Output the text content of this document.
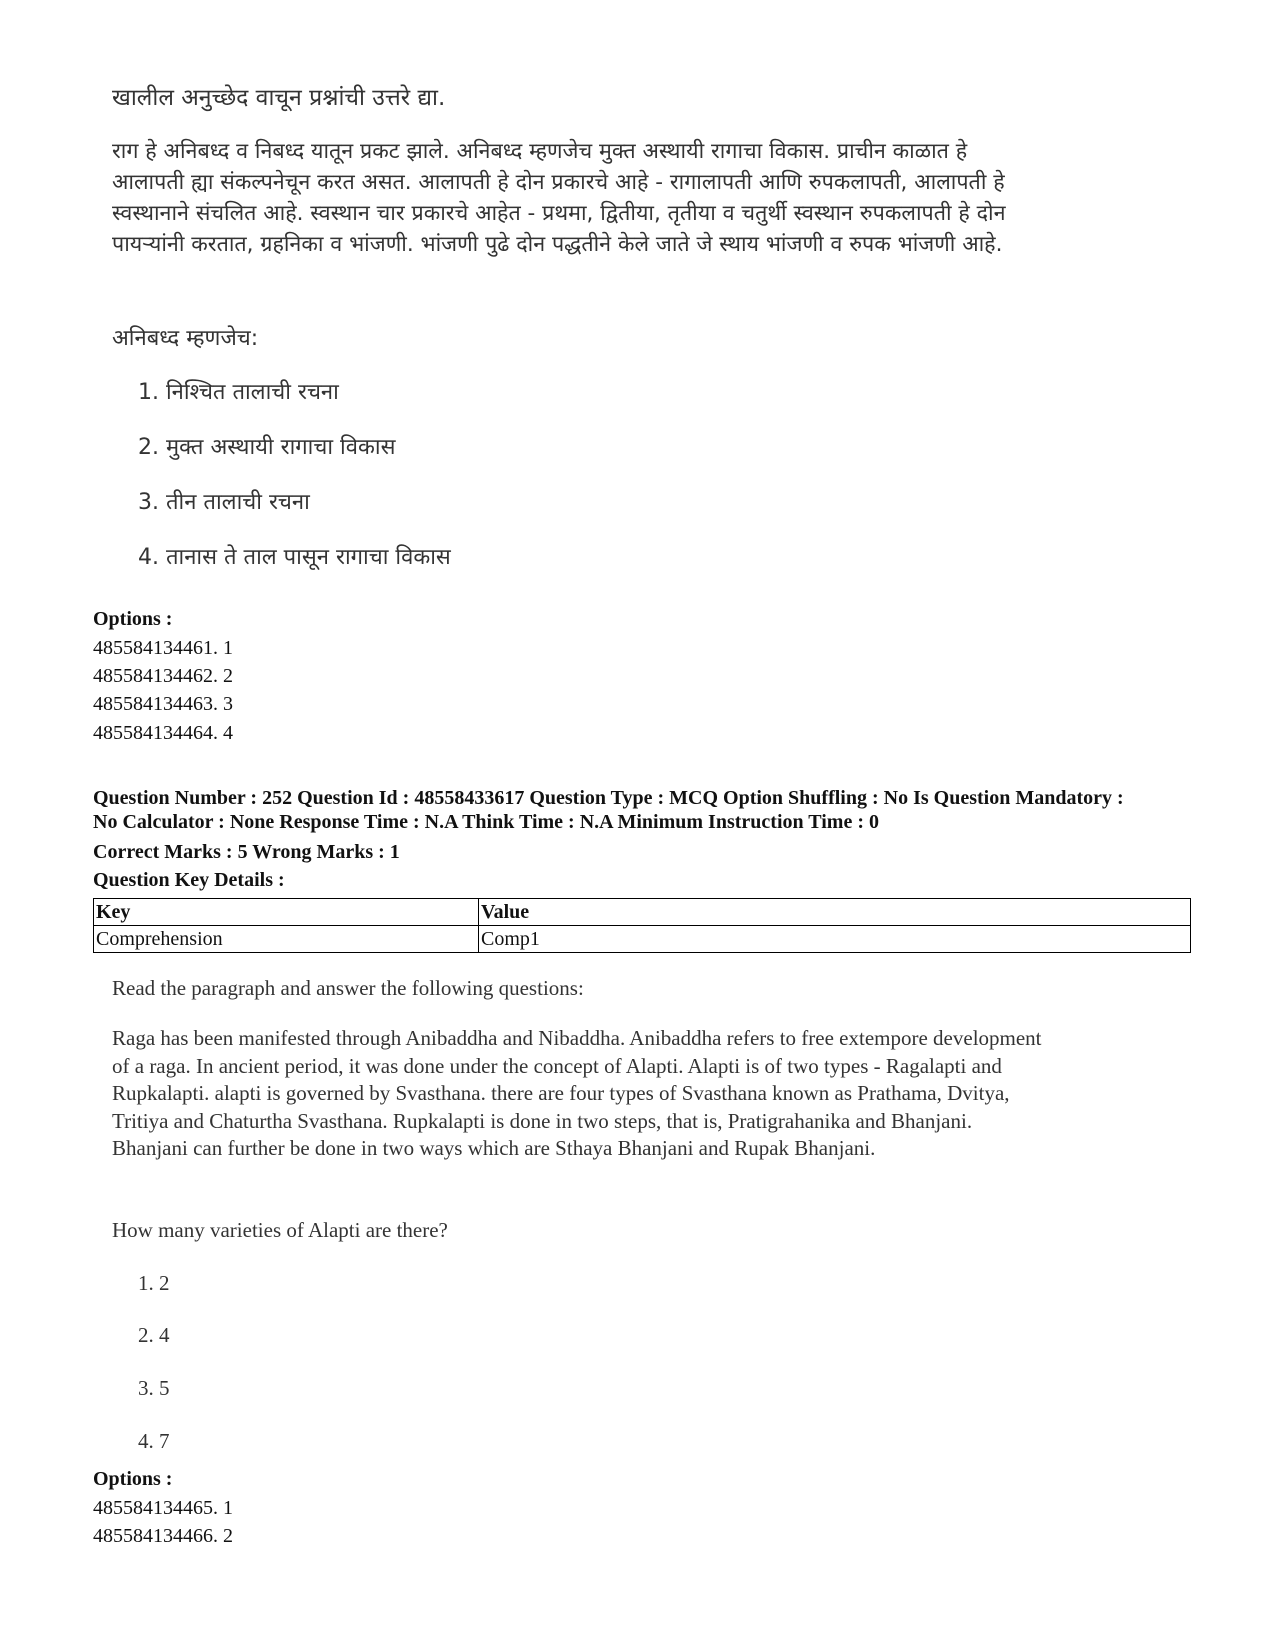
खालील अनुच्छेद वाचून प्रश्नांची उत्तरे द्या.

राग हे अनिबध्द व निबध्द यातून प्रकट झाले. अनिबध्द म्हणजेच मुक्त अस्थायी रागाचा विकास. प्राचीन काळात हे
आलापती ह्या संकल्पनेचून करत असत. आलापती हे दोन प्रकारचे आहे - रागालापती आणि रुपकलापती, आलापती हे
स्वस्थानाने संचलित आहे. स्वस्थान चार प्रकारचे आहेत - प्रथमा, द्वितीया, तृतीया व चतुर्थी स्वस्थान रुपकलापती हे दोन
पायऱ्यांनी करतात, ग्रहनिका व भांजणी. भांजणी पुढे दोन पद्धतीने केले जाते जे स्थाय भांजणी व रुपक भांजणी आहे.

अनिबध्द म्हणजेच:
1. निश्चित तालाची रचना
2. मुक्त अस्थायी रागाचा विकास
3. तीन तालाची रचना
4. तानास ते ताल पासून रागाचा विकास
Options :
485584134461. 1
485584134462. 2
485584134463. 3
485584134464. 4

Question Number : 252 Question Id : 48558433617 Question Type : MCQ Option Shuffling : No Is Question Mandatory :
No Calculator : None Response Time : N.A Think Time : N.A Minimum Instruction Time : 0

Correct Marks : 5 Wrong Marks : 1
Question Key Details :
Key	Value
Comprehension	Comp1
Read the paragraph and answer the following questions:

Raga has been manifested through Anibaddha and Nibaddha. Anibaddha refers to free extempore development
of a raga. In ancient period, it was done under the concept of Alapti. Alapti is of two types - Ragalapti and
Rupkalapti. alapti is governed by Svasthana. there are four types of Svasthana known as Prathama, Dvitya,
Tritiya and Chaturtha Svasthana. Rupkalapti is done in two steps, that is, Pratigrahanika and Bhanjani.
Bhanjani can further be done in two ways which are Sthaya Bhanjani and Rupak Bhanjani.

How many varieties of Alapti are there?
1. 2
2. 4
3. 5
4. 7
Options :
485584134465. 1
485584134466. 2
